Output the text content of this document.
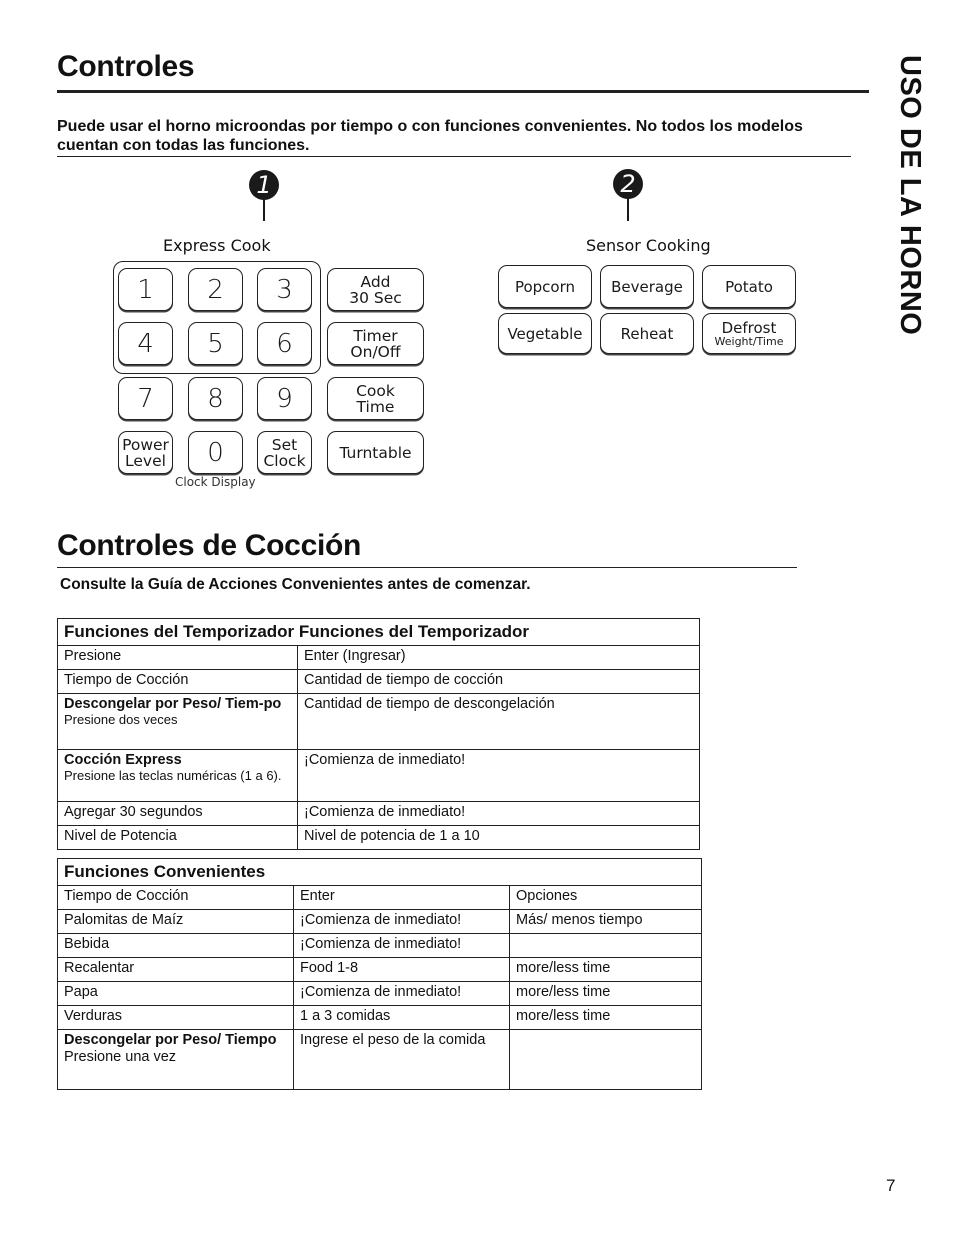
USO DE LA HORNO
Controles
Puede usar el horno microondas por tiempo o con funciones convenientes. No todos los modelos cuentan con todas las funciones.
1	2
Express Cook	Sensor Cooking
1	2	3
4	5	6
7	8	9
Power
Level	0	Set
Clock
Clock Display
Add
30 Sec
Timer
On/Off
Cook
Time
Turntable
Popcorn	Beverage	Potato
Vegetable	Reheat	Defrost
Weight/Time
Controles de Cocción
Consulte la Guía de Acciones Convenientes antes de comenzar.
Funciones del Temporizador Funciones del Temporizador	
Presione	Enter (Ingresar)
Tiempo de Cocción	Cantidad de tiempo de cocción

Descongelar por Peso/ Tiem-po
Presione dos veces	Cantidad de tiempo de descongelación

Cocción Express
Presione las teclas numéricas (1 a 6).	¡Comienza de inmediato!
Agregar 30 segundos	¡Comienza de inmediato!
Nivel de Potencia	Nivel de potencia de 1 a 10
Funciones Convenientes		
Tiempo de Cocción	Enter	Opciones
Palomitas de Maíz	¡Comienza de inmediato!	Más/ menos tiempo
Bebida	¡Comienza de inmediato!	
Recalentar	Food 1-8	more/less time
Papa	¡Comienza de inmediato!	more/less time
Verduras	1 a 3 comidas	more/less time

Descongelar por Peso/ Tiempo
Presione una vez	Ingrese el peso de la comida	
7
